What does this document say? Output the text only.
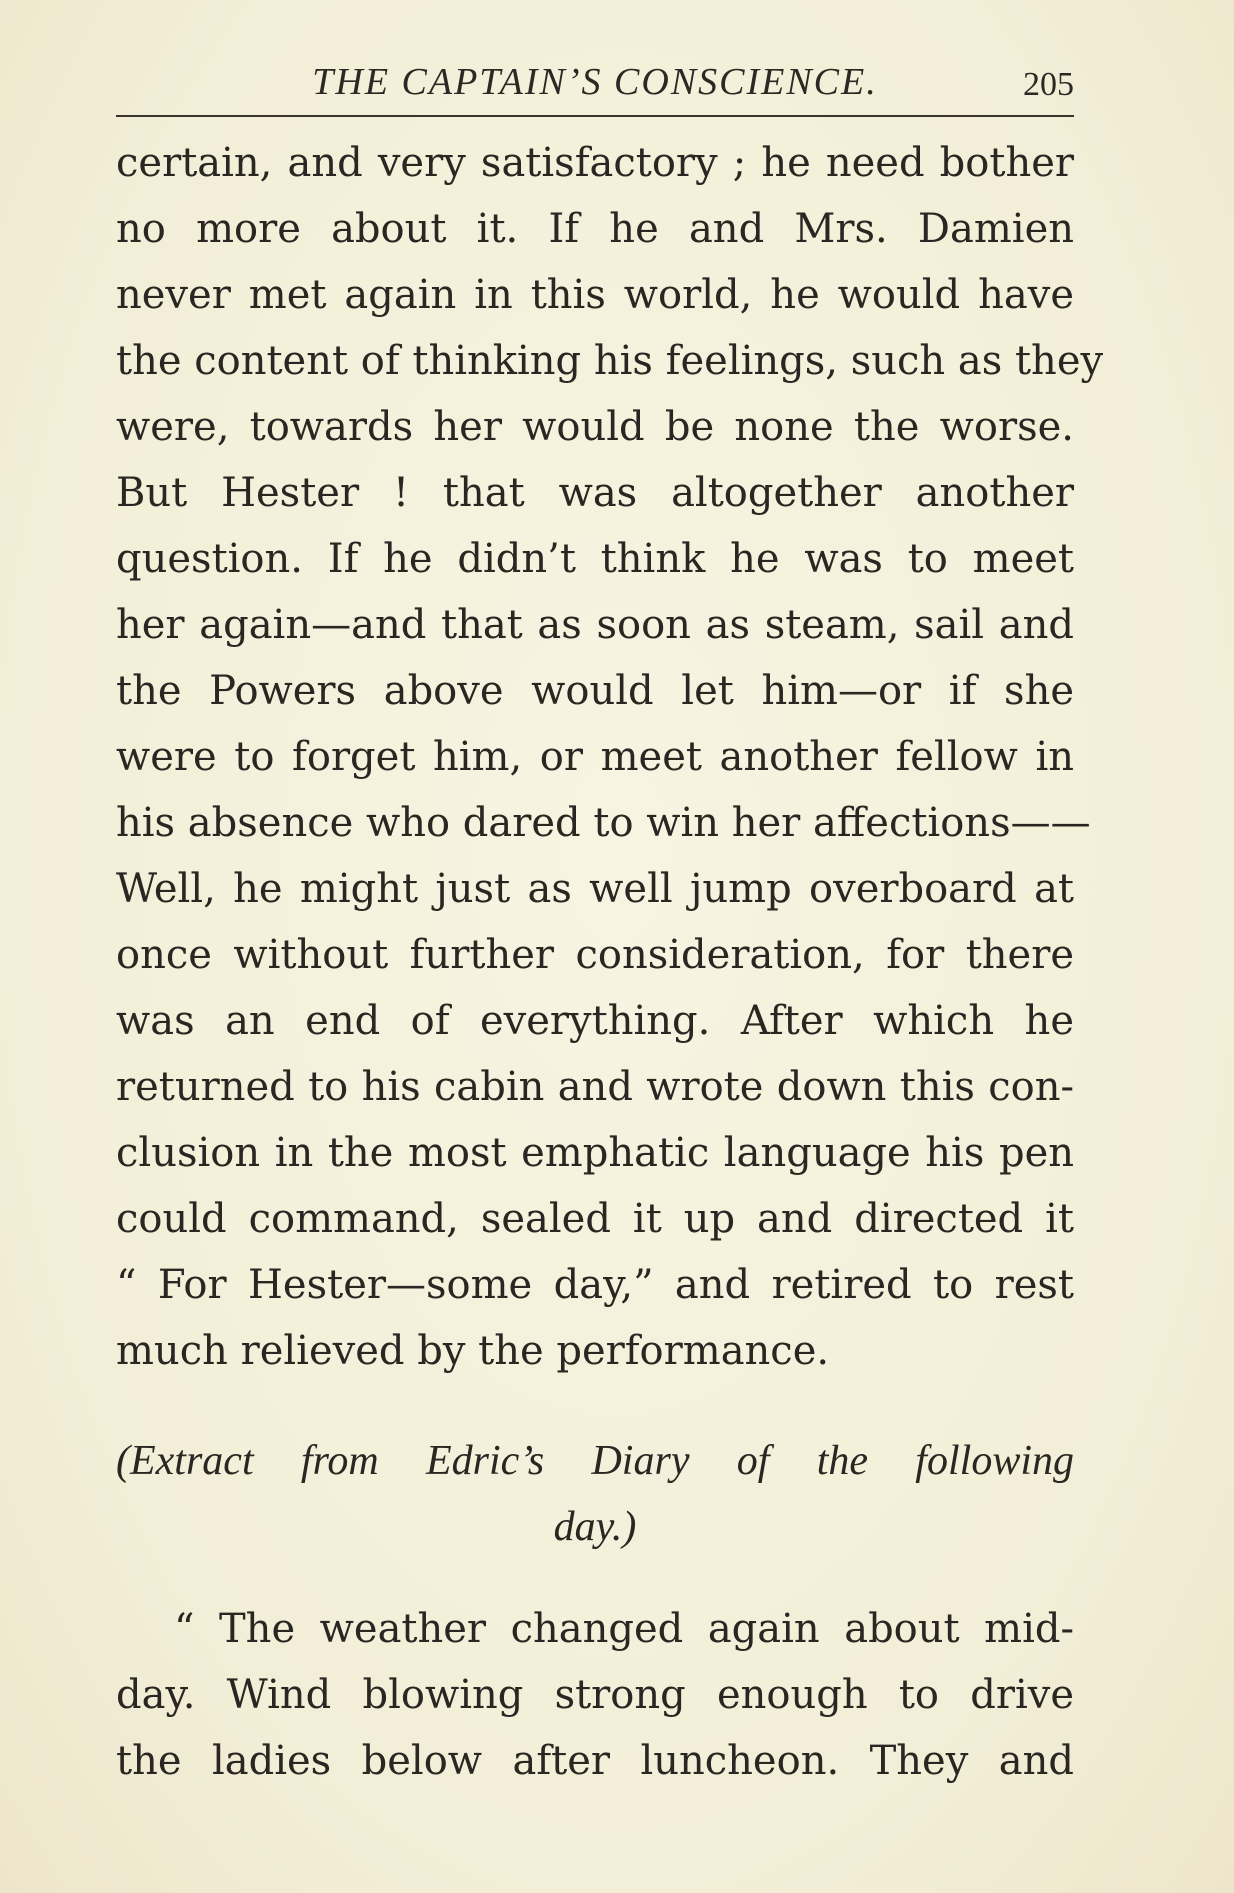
THE CAPTAIN’S CONSCIENCE.	205
certain, and very satisfactory ; he need bother
no more about it. If he and Mrs. Damien
never met again in this world, he would have
the content of thinking his feelings, such as they
were, towards her would be none the worse.
But Hester ! that was altogether another
question. If he didn’t think he was to meet
her again—and that as soon as steam, sail and
the Powers above would let him—or if she
were to forget him, or meet another fellow in
his absence who dared to win her affections——
Well, he might just as well jump overboard at
once without further consideration, for there
was an end of everything. After which he
returned to his cabin and wrote down this con-
clusion in the most emphatic language his pen
could command, sealed it up and directed it
“ For Hester—some day,” and retired to rest
much relieved by the performance.
(Extract from Edric’s Diary of the following
day.)
“ The weather changed again about mid-
day. Wind blowing strong enough to drive
the ladies below after luncheon. They and
